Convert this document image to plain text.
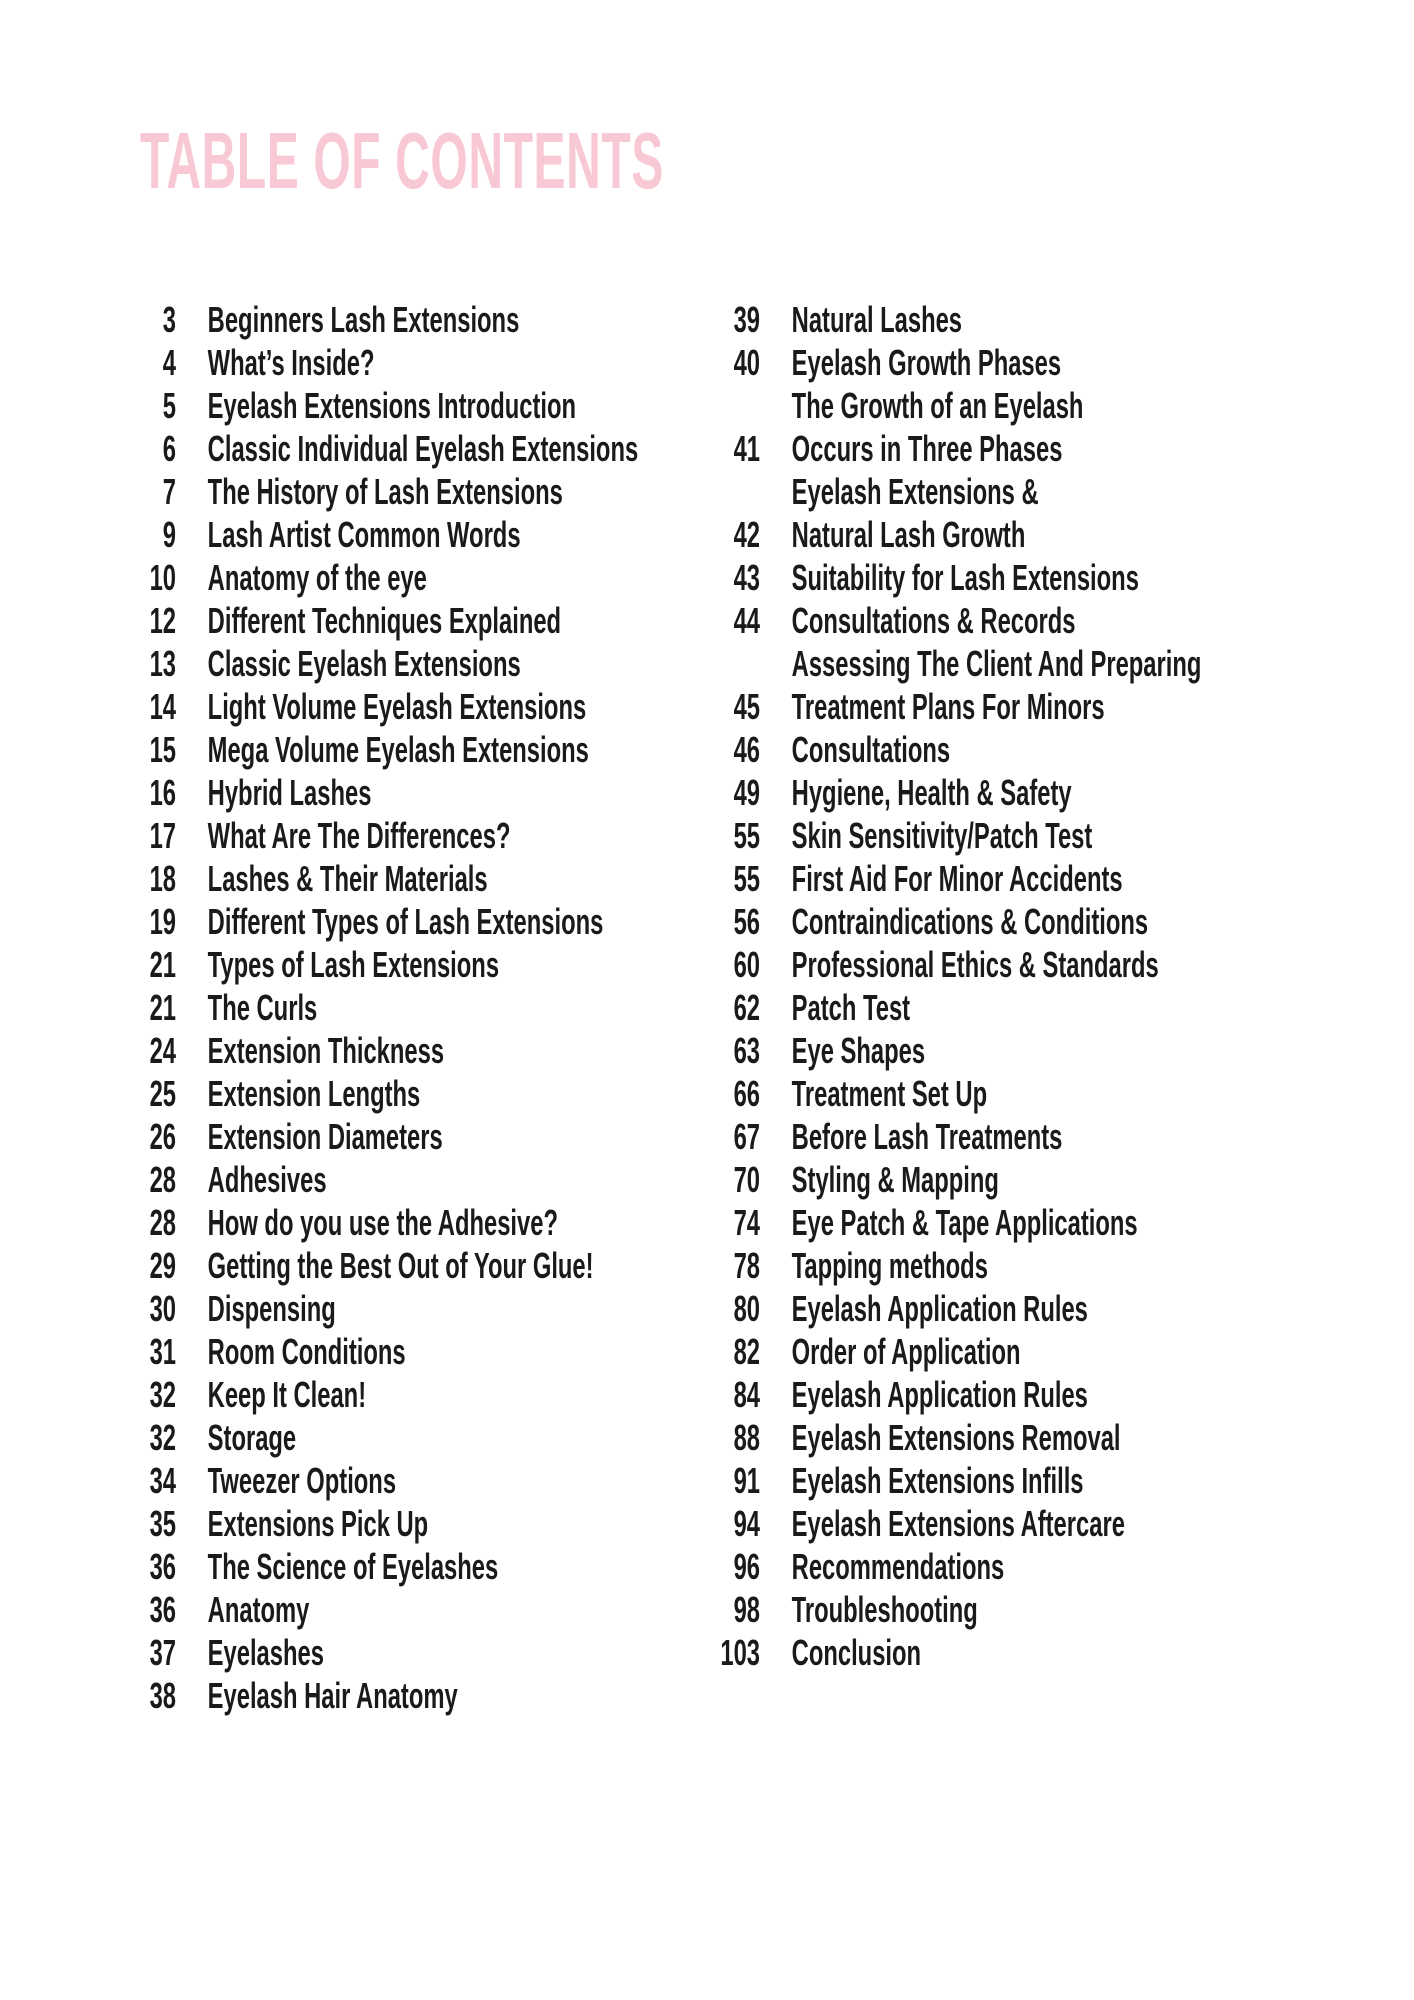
TABLE OF CONTENTS
3 Beginners Lash Extensions
4 What’s Inside?
5 Eyelash Extensions Introduction
6 Classic Individual Eyelash Extensions
7 The History of Lash Extensions
9 Lash Artist Common Words
10 Anatomy of the eye
12 Different Techniques Explained
13 Classic Eyelash Extensions
14 Light Volume Eyelash Extensions
15 Mega Volume Eyelash Extensions
16 Hybrid Lashes
17 What Are The Differences?
18 Lashes & Their Materials
19 Different Types of Lash Extensions
21 Types of Lash Extensions
21 The Curls
24 Extension Thickness
25 Extension Lengths
26 Extension Diameters
28 Adhesives
28 How do you use the Adhesive?
29 Getting the Best Out of Your Glue!
30 Dispensing
31 Room Conditions
32 Keep It Clean!
32 Storage
34 Tweezer Options
35 Extensions Pick Up
36 The Science of Eyelashes
36 Anatomy
37 Eyelashes
38 Eyelash Hair Anatomy
39 Natural Lashes
40 Eyelash Growth Phases
The Growth of an Eyelash
41 Occurs in Three Phases
Eyelash Extensions &
42 Natural Lash Growth
43 Suitability for Lash Extensions
44 Consultations & Records
Assessing The Client And Preparing
45 Treatment Plans For Minors
46 Consultations
49 Hygiene, Health & Safety
55 Skin Sensitivity/Patch Test
55 First Aid For Minor Accidents
56 Contraindications & Conditions
60 Professional Ethics & Standards
62 Patch Test
63 Eye Shapes
66 Treatment Set Up
67 Before Lash Treatments
70 Styling & Mapping
74 Eye Patch & Tape Applications
78 Tapping methods
80 Eyelash Application Rules
82 Order of Application
84 Eyelash Application Rules
88 Eyelash Extensions Removal
91 Eyelash Extensions Infills
94 Eyelash Extensions Aftercare
96 Recommendations
98 Troubleshooting
103 Conclusion
